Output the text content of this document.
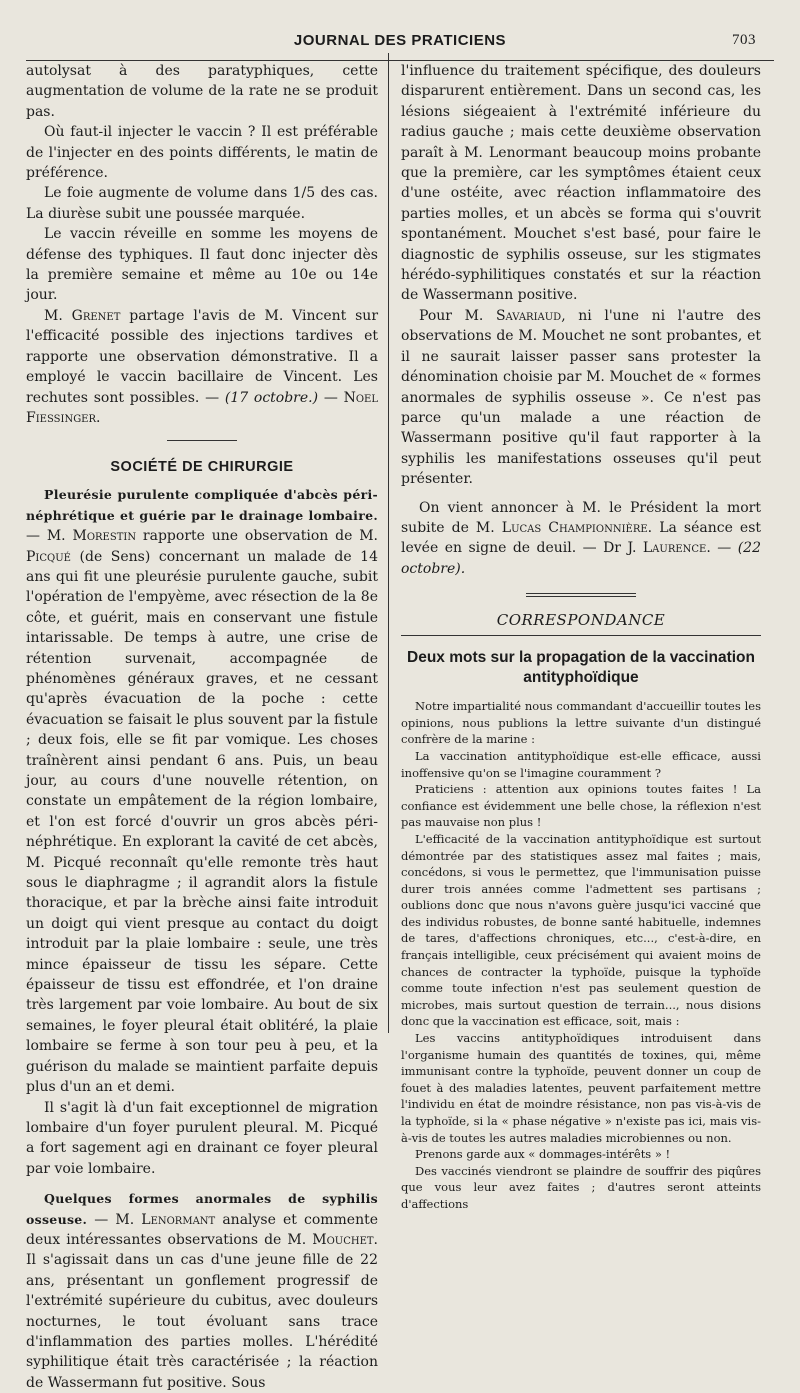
JOURNAL DES PRATICIENS	703

autolysat à des paratyphiques, cette augmentation de volume de la rate ne se produit pas.

Où faut-il injecter le vaccin ? Il est préférable de l'injecter en des points différents, le matin de préférence.

Le foie augmente de volume dans 1/5 des cas. La diurèse subit une poussée marquée.

Le vaccin réveille en somme les moyens de défense des typhiques. Il faut donc injecter dès la première semaine et même au 10e ou 14e jour.

M. Grenet partage l'avis de M. Vincent sur l'efficacité possible des injections tardives et rapporte une observation démonstrative. Il a employé le vaccin bacillaire de Vincent. Les rechutes sont possibles. — (17 octobre.) — Noel Fiessinger.

SOCIÉTÉ DE CHIRURGIE

Pleurésie purulente compliquée d'abcès péri-néphrétique et guérie par le drainage lombaire. — M. Morestin rapporte une observation de M. Picqué (de Sens) concernant un malade de 14 ans qui fit une pleurésie purulente gauche, subit l'opération de l'empyème, avec résection de la 8e côte, et guérit, mais en conservant une fistule intarissable. De temps à autre, une crise de rétention survenait, accompagnée de phénomènes généraux graves, et ne cessant qu'après évacuation de la poche : cette évacuation se faisait le plus souvent par la fistule ; deux fois, elle se fit par vomique. Les choses traînèrent ainsi pendant 6 ans. Puis, un beau jour, au cours d'une nouvelle rétention, on constate un empâtement de la région lombaire, et l'on est forcé d'ouvrir un gros abcès péri-néphrétique. En explorant la cavité de cet abcès, M. Picqué reconnaît qu'elle remonte très haut sous le diaphragme ; il agrandit alors la fistule thoracique, et par la brèche ainsi faite introduit un doigt qui vient presque au contact du doigt introduit par la plaie lombaire : seule, une très mince épaisseur de tissu les sépare. Cette épaisseur de tissu est effondrée, et l'on draine très largement par voie lombaire. Au bout de six semaines, le foyer pleural était oblitéré, la plaie lombaire se ferme à son tour peu à peu, et la guérison du malade se maintient parfaite depuis plus d'un an et demi.

Il s'agit là d'un fait exceptionnel de migration lombaire d'un foyer purulent pleural. M. Picqué a fort sagement agi en drainant ce foyer pleural par voie lombaire.

Quelques formes anormales de syphilis osseuse. — M. Lenormant analyse et commente deux intéressantes observations de M. Mouchet. Il s'agissait dans un cas d'une jeune fille de 22 ans, présentant un gonflement progressif de l'extrémité supérieure du cubitus, avec douleurs nocturnes, le tout évoluant sans trace d'inflammation des parties molles. L'hérédité syphilitique était très caractérisée ; la réaction de Wassermann fut positive. Sous

l'influence du traitement spécifique, des douleurs disparurent entièrement. Dans un second cas, les lésions siégeaient à l'extrémité inférieure du radius gauche ; mais cette deuxième observation paraît à M. Lenormant beaucoup moins probante que la première, car les symptômes étaient ceux d'une ostéite, avec réaction inflammatoire des parties molles, et un abcès se forma qui s'ouvrit spontanément. Mouchet s'est basé, pour faire le diagnostic de syphilis osseuse, sur les stigmates hérédo-syphilitiques constatés et sur la réaction de Wassermann positive.

Pour M. Savariaud, ni l'une ni l'autre des observations de M. Mouchet ne sont probantes, et il ne saurait laisser passer sans protester la dénomination choisie par M. Mouchet de « formes anormales de syphilis osseuse ». Ce n'est pas parce qu'un malade a une réaction de Wassermann positive qu'il faut rapporter à la syphilis les manifestations osseuses qu'il peut présenter.

On vient annoncer à M. le Président la mort subite de M. Lucas Championnière. La séance est levée en signe de deuil. — Dr J. Laurence. — (22 octobre).

CORRESPONDANCE
Deux mots sur la propagation de la vaccination antityphoïdique

Notre impartialité nous commandant d'accueillir toutes les opinions, nous publions la lettre suivante d'un distingué confrère de la marine :

La vaccination antityphoïdique est-elle efficace, aussi inoffensive qu'on se l'imagine couramment ?

Praticiens : attention aux opinions toutes faites ! La confiance est évidemment une belle chose, la réflexion n'est pas mauvaise non plus !

L'efficacité de la vaccination antityphoïdique est surtout démontrée par des statistiques assez mal faites ; mais, concédons, si vous le permettez, que l'immunisation puisse durer trois années comme l'admettent ses partisans ; oublions donc que nous n'avons guère jusqu'ici vacciné que des individus robustes, de bonne santé habituelle, indemnes de tares, d'affections chroniques, etc..., c'est-à-dire, en français intelligible, ceux précisément qui avaient moins de chances de contracter la typhoïde, puisque la typhoïde comme toute infection n'est pas seulement question de microbes, mais surtout question de terrain..., nous disions donc que la vaccination est efficace, soit, mais :

Les vaccins antityphoïdiques introduisent dans l'organisme humain des quantités de toxines, qui, même immunisant contre la typhoïde, peuvent donner un coup de fouet à des maladies latentes, peuvent parfaitement mettre l'individu en état de moindre résistance, non pas vis-à-vis de la typhoïde, si la « phase négative » n'existe pas ici, mais vis-à-vis de toutes les autres maladies microbiennes ou non.

Prenons garde aux « dommages-intérêts » !

Des vaccinés viendront se plaindre de souffrir des piqûres que vous leur avez faites ; d'autres seront atteints d'affections
